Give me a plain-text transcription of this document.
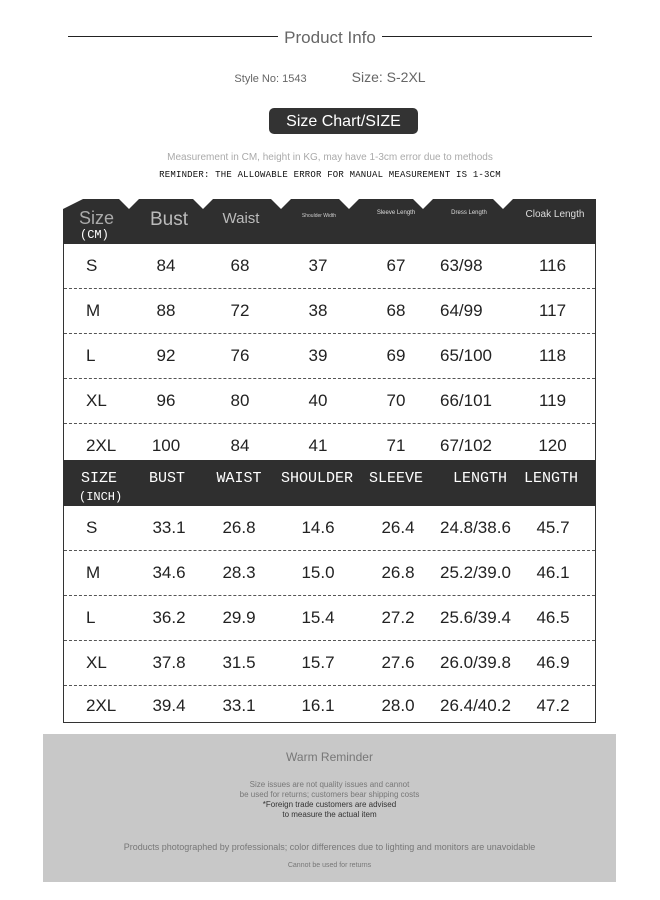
Product Info
Style No: 1543	Size: S-2XL
Size Chart/SIZE
Measurement in CM, height in KG, may have 1-3cm error due to methods
REMINDER: THE ALLOWABLE ERROR FOR MANUAL MEASUREMENT IS 1-3CM
Size
(CM)
Bust	Waist	Shoulder Width	Sleeve Length	Dress Length	Cloak Length
S	84	68	37	67	63/98	116
M	88	72	38	68	64/99	117
L	92	76	39	69	65/100	118
XL	96	80	40	70	66/101	119
2XL	100	84	41	71	67/102	120
SIZE
(INCH)
BUST	WAIST	SHOULDER	SLEEVE	LENGTH	LENGTH
S	33.1	26.8	14.6	26.4	24.8/38.6	45.7
M	34.6	28.3	15.0	26.8	25.2/39.0	46.1
L	36.2	29.9	15.4	27.2	25.6/39.4	46.5
XL	37.8	31.5	15.7	27.6	26.0/39.8	46.9
2XL	39.4	33.1	16.1	28.0	26.4/40.2	47.2
Warm Reminder
Size issues are not quality issues and cannot
be used for returns; customers bear shipping costs
*Foreign trade customers are advised
to measure the actual item
Products photographed by professionals; color differences due to lighting and monitors are unavoidable
Cannot be used for returns
